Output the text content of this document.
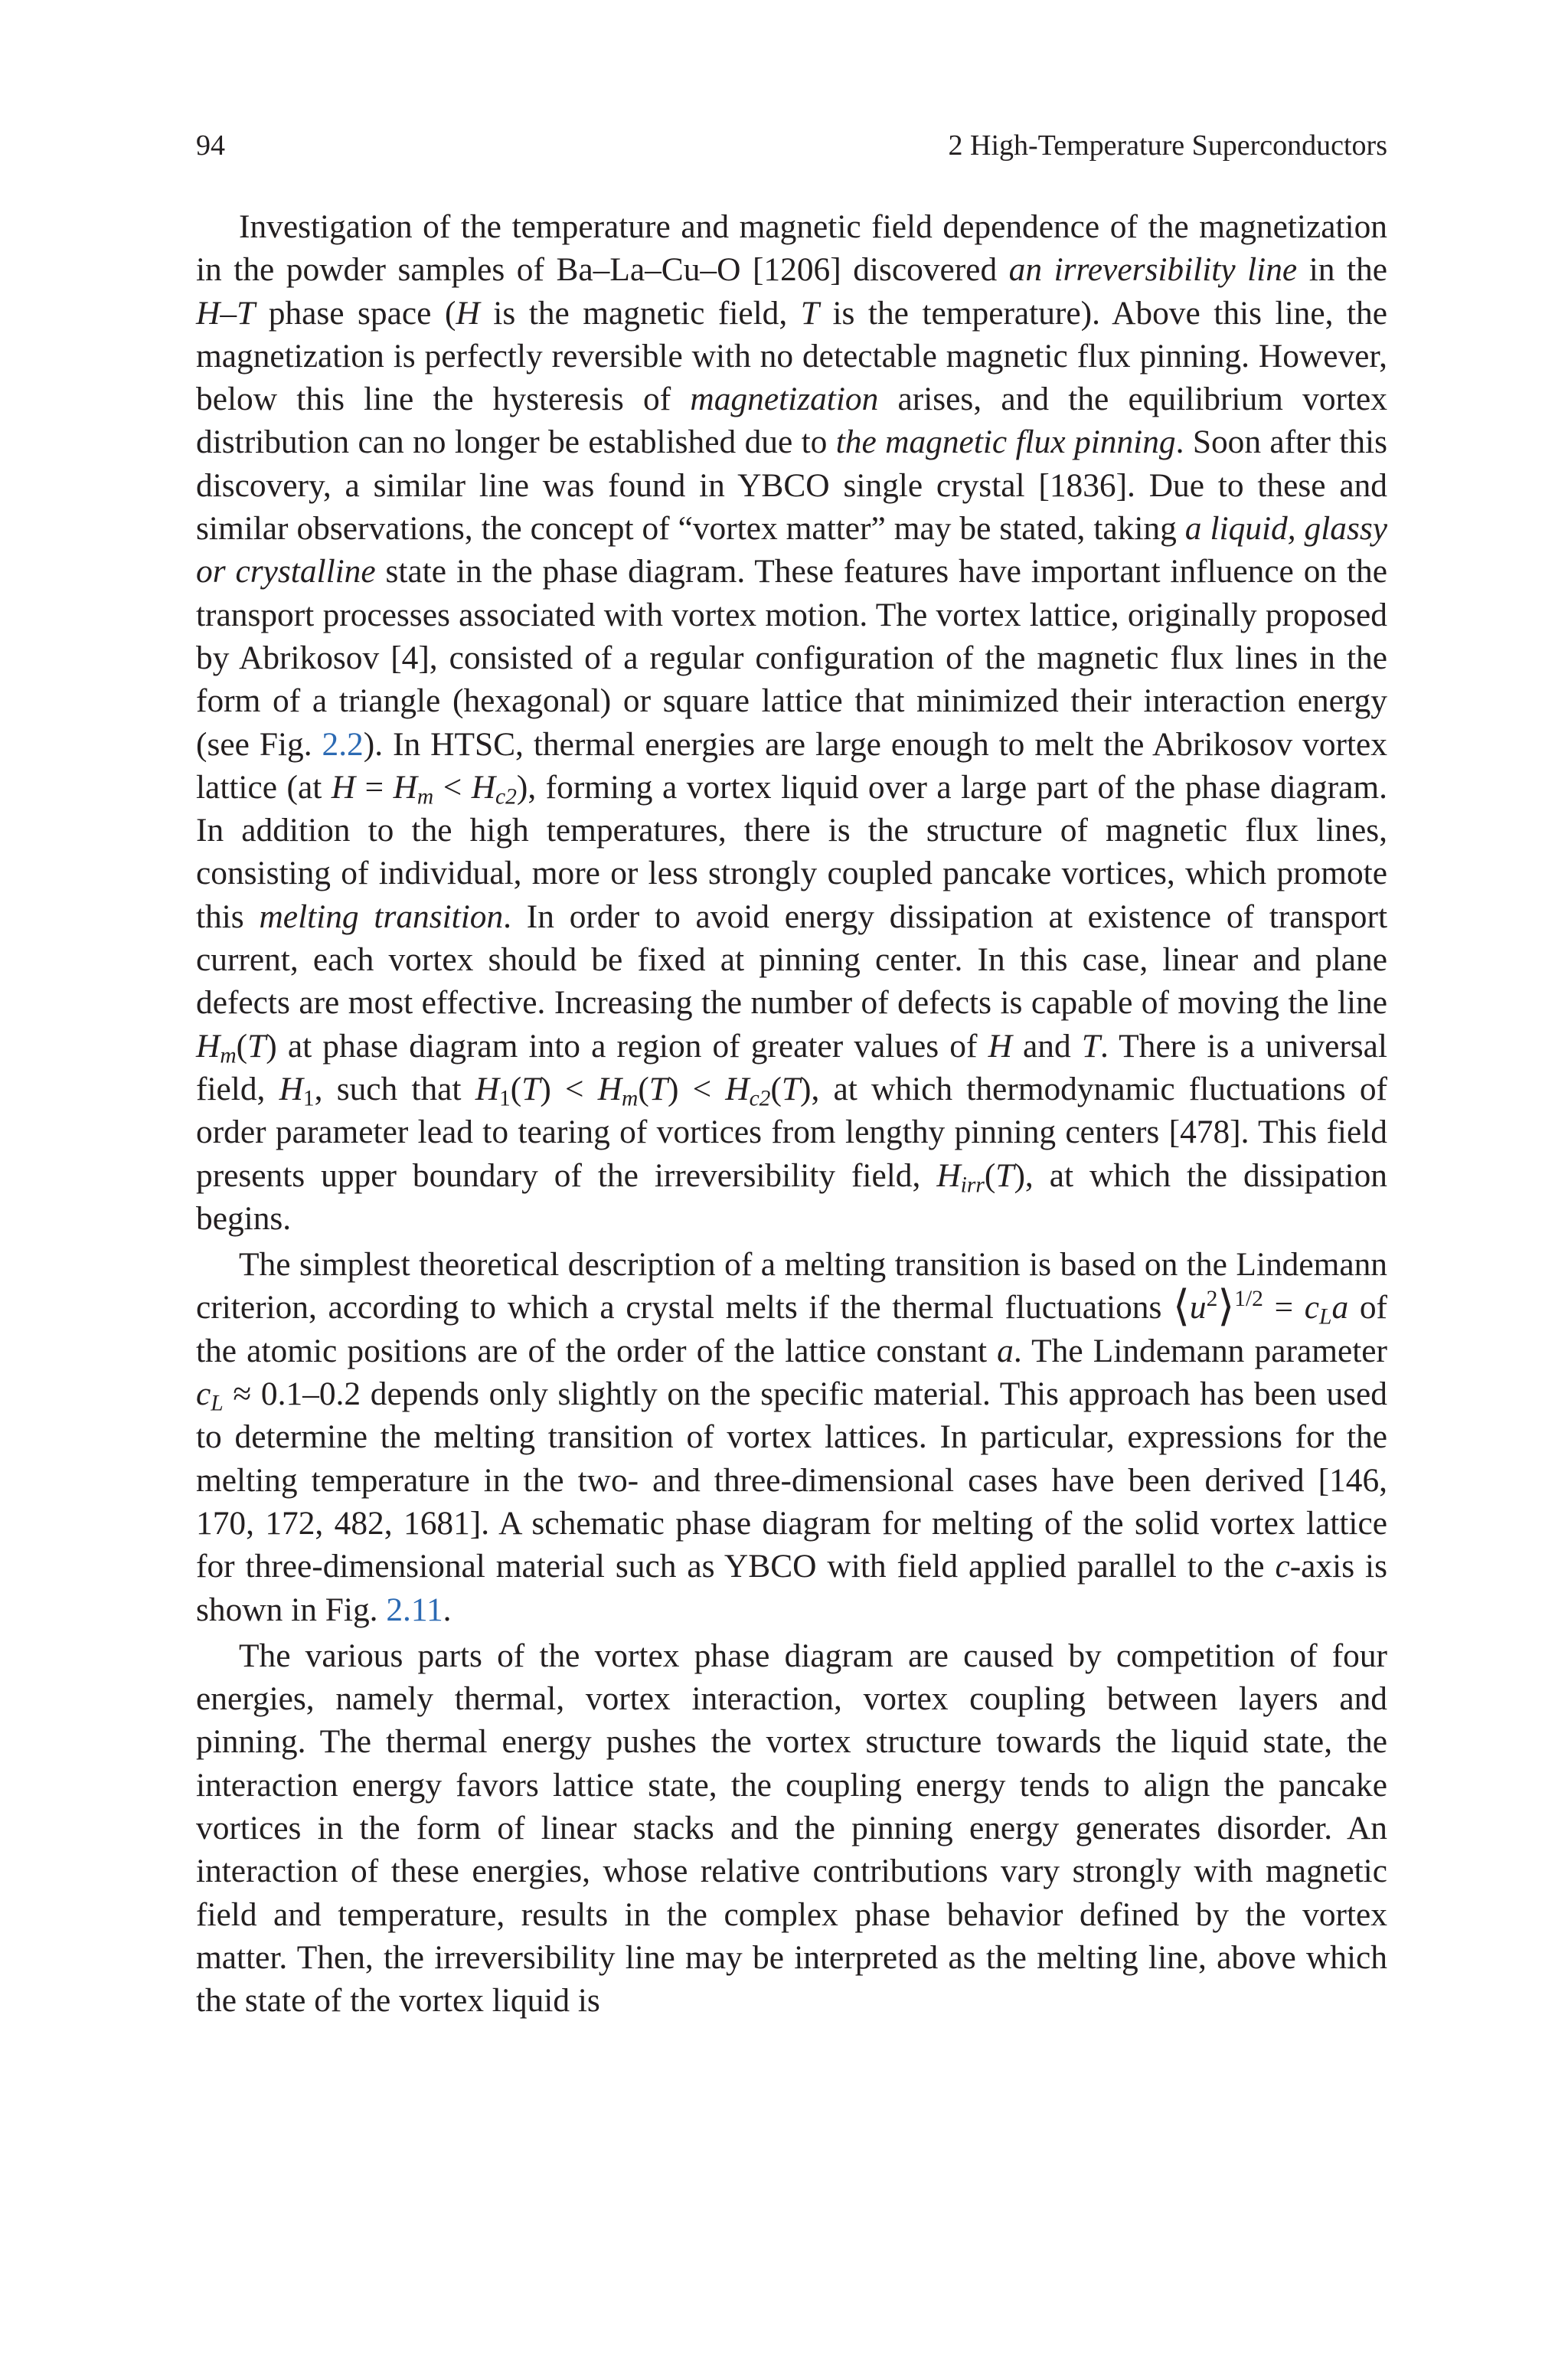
94	2 High-Temperature Superconductors

Investigation of the temperature and magnetic field dependence of the magnetization in the powder samples of Ba–La–Cu–O [1206] discovered an irreversibility line in the H–T phase space (H is the magnetic field, T is the temperature). Above this line, the magnetization is perfectly reversible with no detectable magnetic flux pinning. However, below this line the hysteresis of magnetization arises, and the equilibrium vortex distribution can no longer be established due to the magnetic flux pinning. Soon after this discovery, a similar line was found in YBCO single crystal [1836]. Due to these and similar observations, the concept of “vortex matter” may be stated, taking a liquid, glassy or crystalline state in the phase diagram. These features have important influence on the transport processes associated with vortex motion. The vortex lattice, originally proposed by Abrikosov [4], consisted of a regular configuration of the magnetic flux lines in the form of a triangle (hexagonal) or square lattice that minimized their interaction energy (see Fig. 2.2). In HTSC, thermal energies are large enough to melt the Abrikosov vortex lattice (at $H = H_m < H_{c2}$), forming a vortex liquid over a large part of the phase diagram. In addition to the high temperatures, there is the structure of magnetic flux lines, consisting of individual, more or less strongly coupled pancake vortices, which promote this melting transition. In order to avoid energy dissipation at existence of transport current, each vortex should be fixed at pinning center. In this case, linear and plane defects are most effective. Increasing the number of defects is capable of moving the line $H_m(T)$ at phase diagram into a region of greater values of H and T. There is a universal field, $H_1$, such that $H_1(T) < H_m(T) < H_{c2}(T)$, at which thermodynamic fluctuations of order parameter lead to tearing of vortices from lengthy pinning centers [478]. This field presents upper boundary of the irreversibility field, $H_{irr}(T)$, at which the dissipation begins.

The simplest theoretical description of a melting transition is based on the Lindemann criterion, according to which a crystal melts if the thermal fluctuations $⟨u^2⟩^{1/2} = c_La$ of the atomic positions are of the order of the lattice constant a. The Lindemann parameter $c_L \approx 0.1-0.2$ depends only slightly on the specific material. This approach has been used to determine the melting transition of vortex lattices. In particular, expressions for the melting temperature in the two- and three-dimensional cases have been derived [146, 170, 172, 482, 1681]. A schematic phase diagram for melting of the solid vortex lattice for three-dimensional material such as YBCO with field applied parallel to the c-axis is shown in Fig. 2.11.

The various parts of the vortex phase diagram are caused by competition of four energies, namely thermal, vortex interaction, vortex coupling between layers and pinning. The thermal energy pushes the vortex structure towards the liquid state, the interaction energy favors lattice state, the coupling energy tends to align the pancake vortices in the form of linear stacks and the pinning energy generates disorder. An interaction of these energies, whose relative contributions vary strongly with magnetic field and temperature, results in the complex phase behavior defined by the vortex matter. Then, the irreversibility line may be interpreted as the melting line, above which the state of the vortex liquid is
